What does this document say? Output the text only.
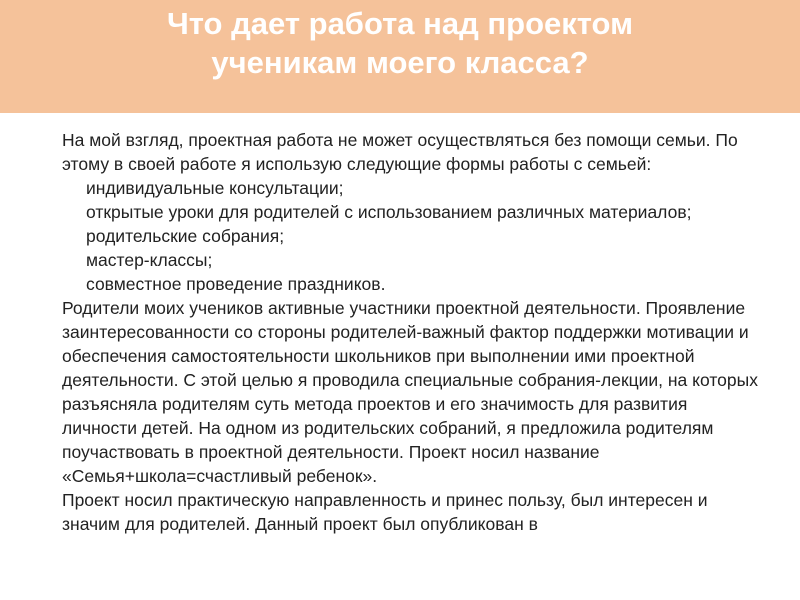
Что дает работа над проектом
ученикам моего класса?

На мой взгляд, проектная работа не может осуществляться без помощи семьи. По этому в своей работе я использую следующие формы работы с семьей:

индивидуальные консультации;
открытые уроки для родителей с использованием различных материалов;
родительские собрания;
мастер-классы;
совместное проведение праздников.

Родители моих учеников активные участники проектной деятельности. Проявление заинтересованности со стороны родителей-важный фактор поддержки мотивации и обеспечения самостоятельности школьников при выполнении ими проектной деятельности. С этой целью я проводила специальные собрания-лекции, на которых разъясняла родителям суть метода проектов и его значимость для развития личности детей. На одном из родительских собраний, я предложила родителям поучаствовать в проектной деятельности. Проект носил название «Семья+школа=счастливый ребенок».

Проект носил практическую направленность и принес пользу, был интересен и значим для родителей. Данный проект был опубликован в
